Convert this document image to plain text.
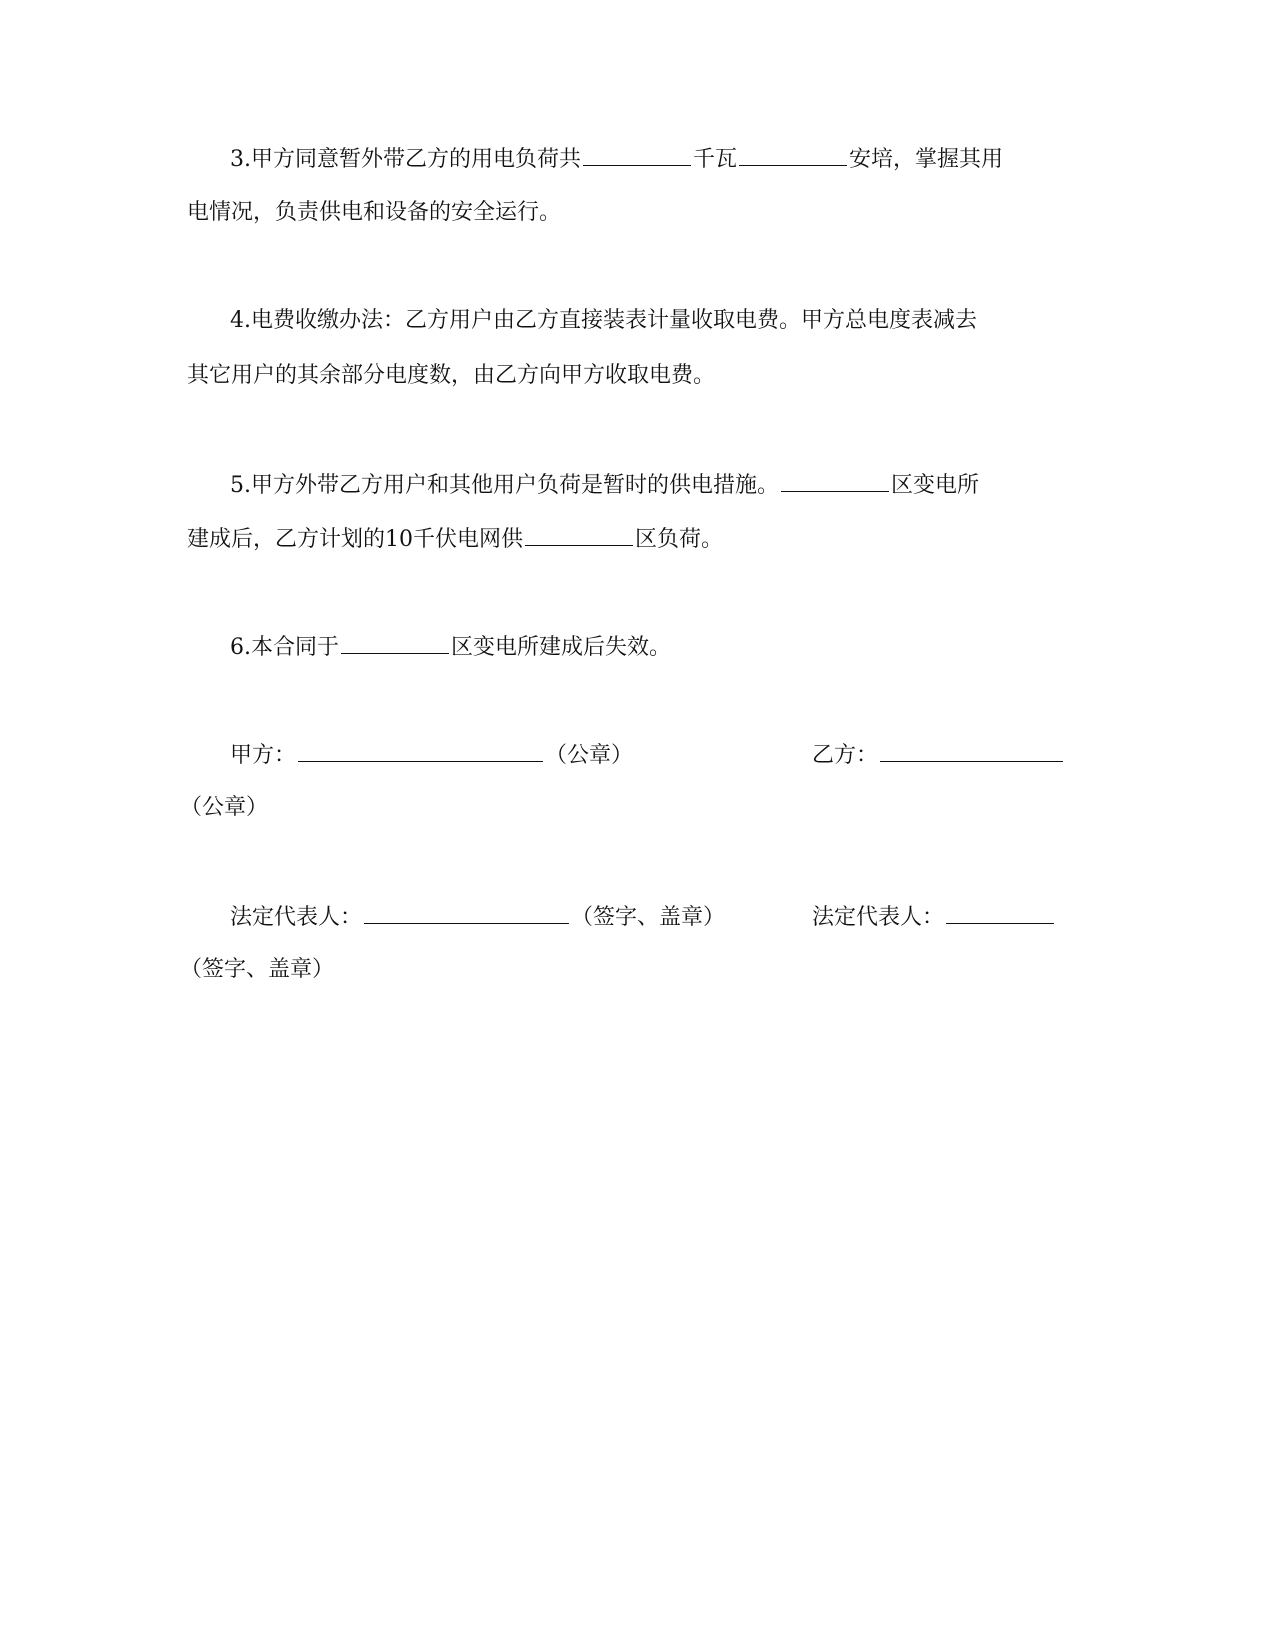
3.甲方同意暂外带乙方的用电负荷共	千瓦	安培，掌握其用
电情况，负责供电和设备的安全运行。
4.电费收缴办法：乙方用户由乙方直接装表计量收取电费。甲方总电度表减去
其它用户的其余部分电度数，由乙方向甲方收取电费。
5.甲方外带乙方用户和其他用户负荷是暂时的供电措施。	区变电所
建成后，乙方计划的10千伏电网供	区负荷。
6.本合同于	区变电所建成后失效。
甲方：	（公章）	乙方：
（公章）
法定代表人：	（签字、盖章）	法定代表人：
（签字、盖章）
